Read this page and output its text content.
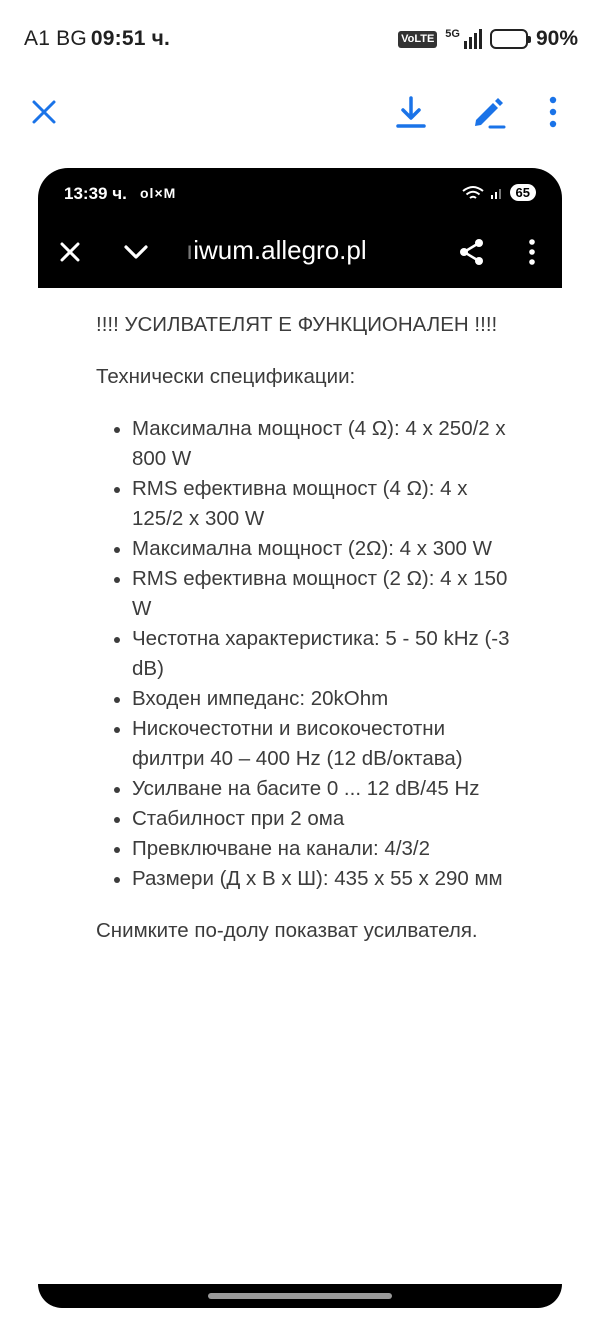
A1 BG 09:51 ч.	VoLTE 5G	90%
13:39 ч. ol×M	65
ıiwum.allegro.pl

!!!! УСИЛВАТЕЛЯТ Е ФУНКЦИОНАЛЕН !!!!

Технически спецификации:

Максимална мощност (4 Ω): 4 x 250/2 x 800 W
RMS ефективна мощност (4 Ω): 4 x 125/2 x 300 W
Максимална мощност (2Ω): 4 x 300 W
RMS ефективна мощност (2 Ω): 4 x 150 W
Честотна характеристика: 5 - 50 kHz (-3 dB)
Входен импеданс: 20kOhm
Нискочестотни и високочестотни филтри 40 – 400 Hz (12 dB/октава)
Усилване на басите 0 ... 12 dB/45 Hz
Стабилност при 2 ома
Превключване на канали: 4/3/2
Размери (Д x В x Ш): 435 x 55 x 290 мм

Снимките по-долу показват усилвателя.
